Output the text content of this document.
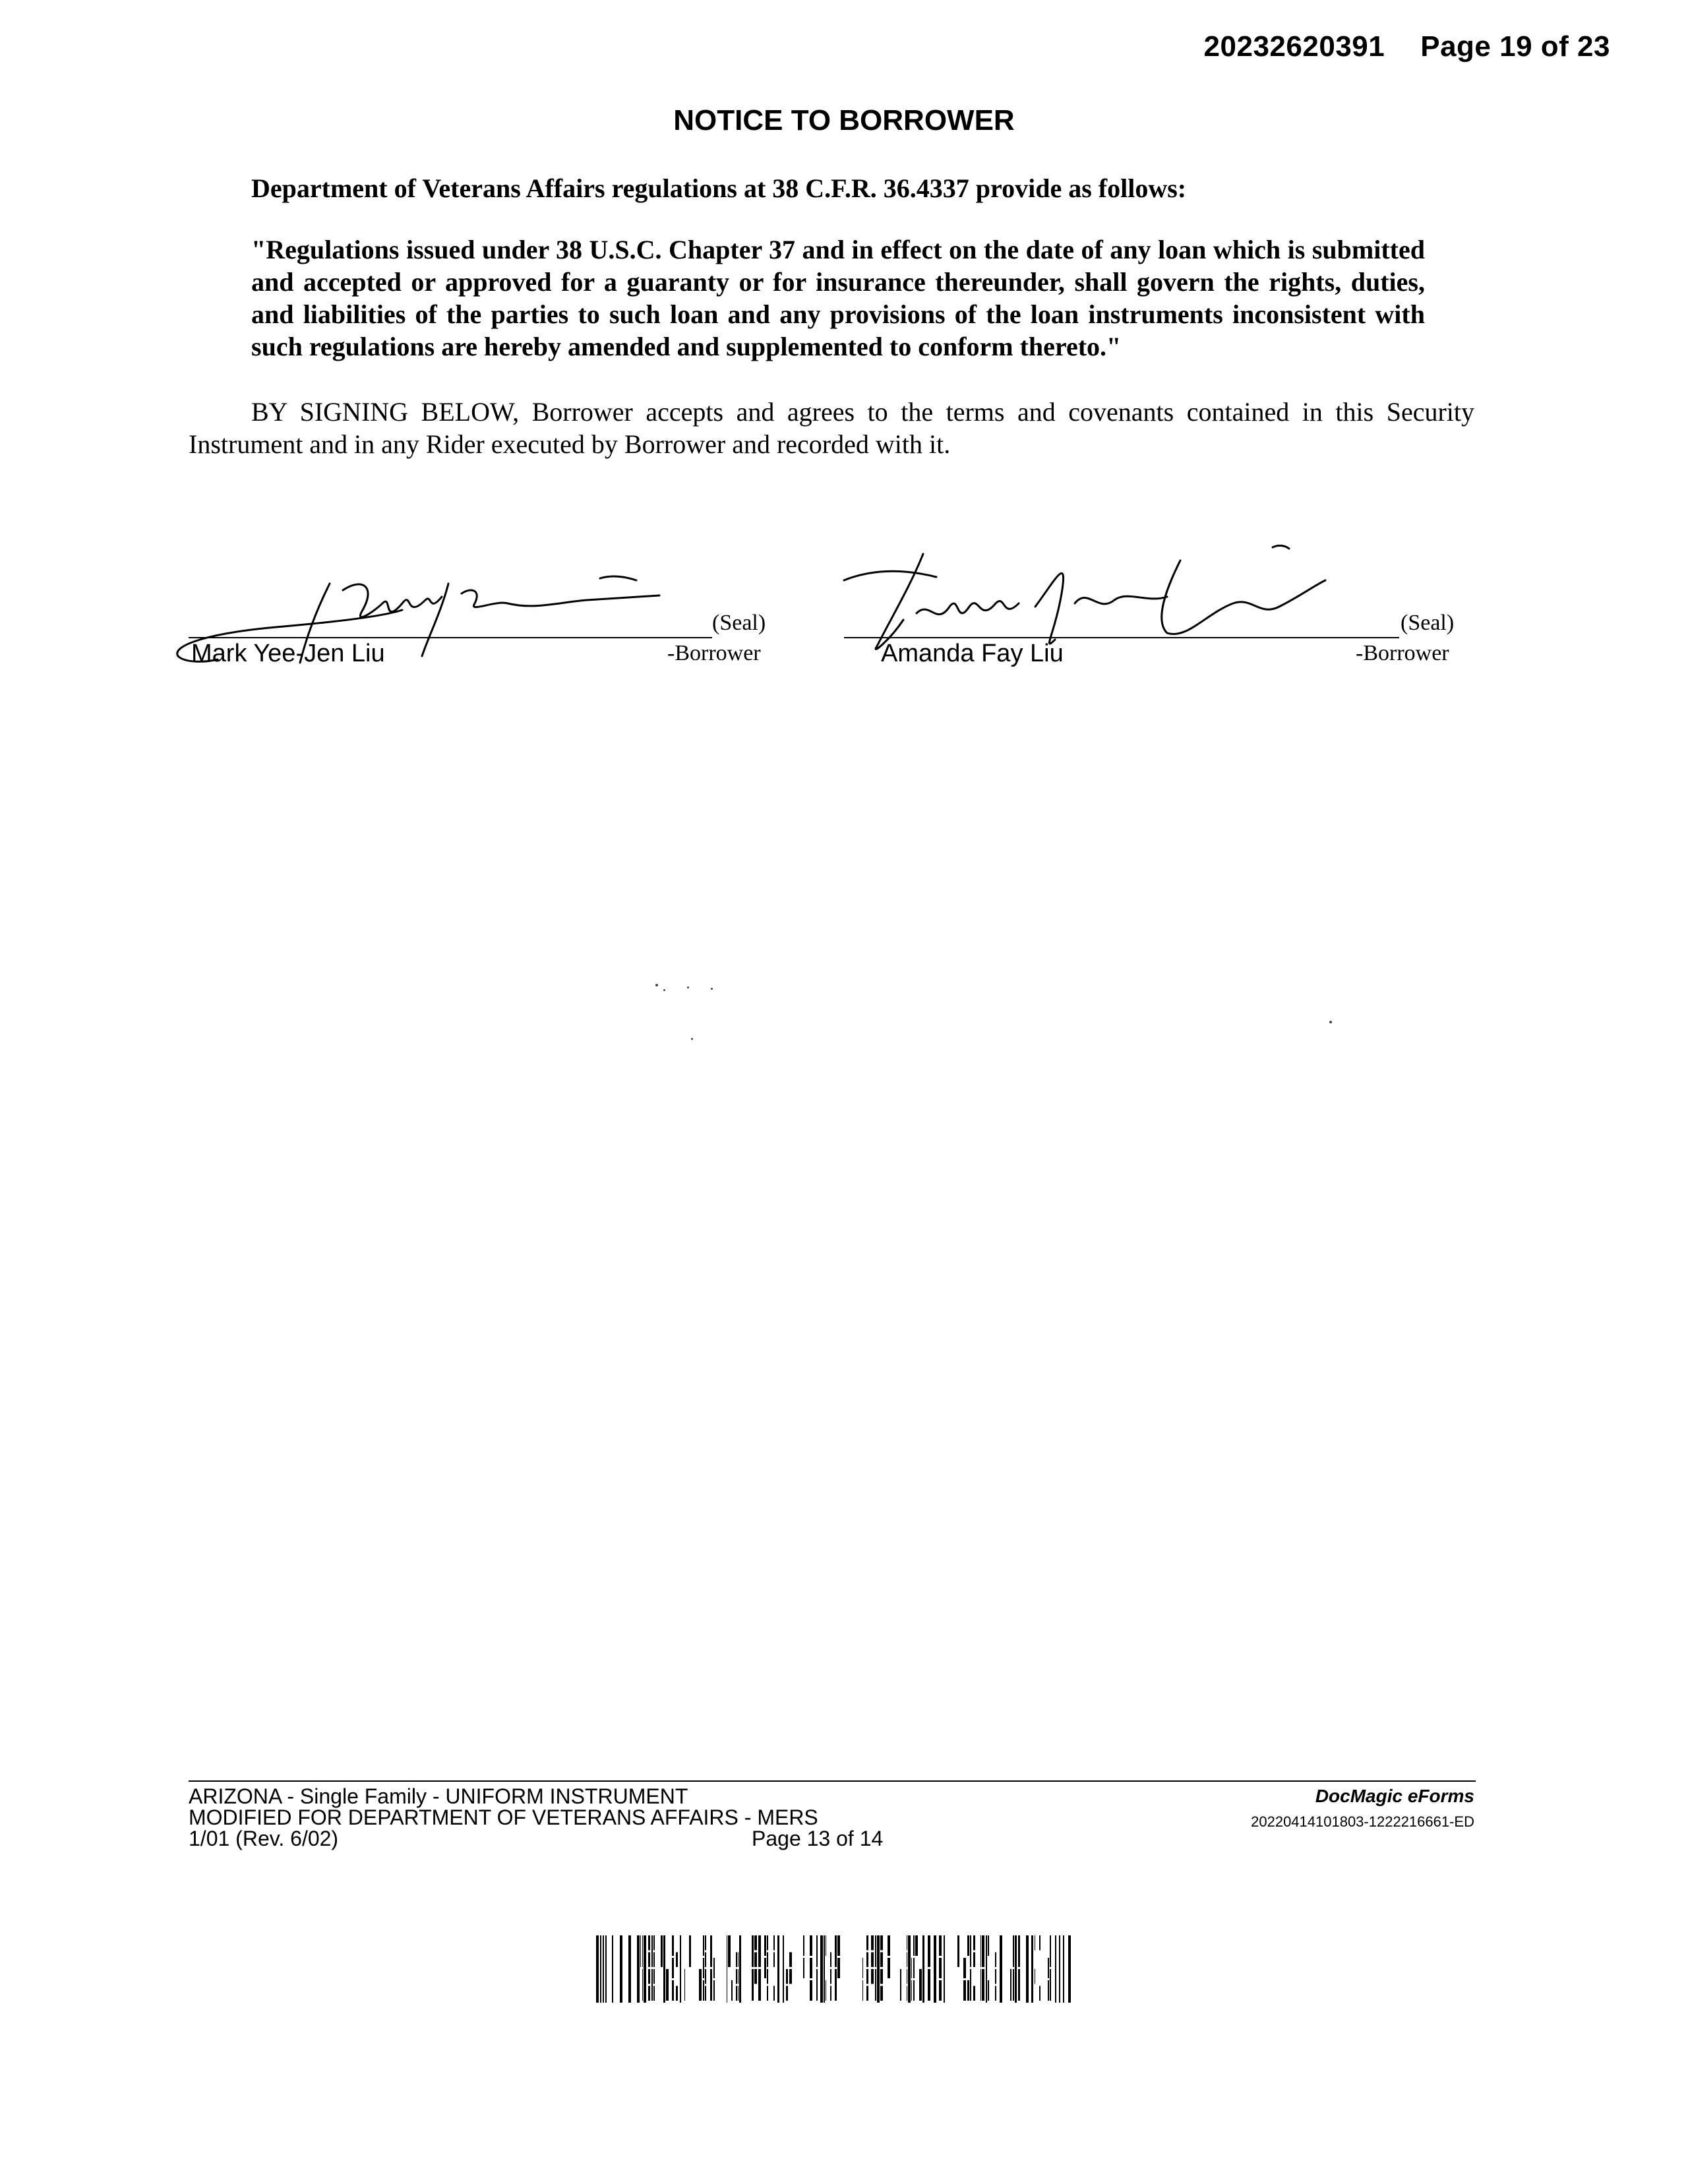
20232620391 Page 19 of 23
NOTICE TO BORROWER
Department of Veterans Affairs regulations at 38 C.F.R. 36.4337 provide as follows:
"Regulations issued under 38 U.S.C. Chapter 37 and in effect on the date of any loan which is submitted and accepted or approved for a guaranty or for insurance thereunder, shall govern the rights, duties, and liabilities of the parties to such loan and any provisions of the loan instruments inconsistent with such regulations are hereby amended and supplemented to conform thereto."
BY SIGNING BELOW, Borrower accepts and agrees to the terms and covenants contained in this Security Instrument and in any Rider executed by Borrower and recorded with it.
(Seal)
Mark Yee-Jen Liu	-Borrower
(Seal)
Amanda Fay Liu	-Borrower
ARIZONA - Single Family - UNIFORM INSTRUMENT
MODIFIED FOR DEPARTMENT OF VETERANS AFFAIRS - MERS
1/01 (Rev. 6/02)	Page 13 of 14
DocMagic eForms
20220414101803-1222216661-ED
